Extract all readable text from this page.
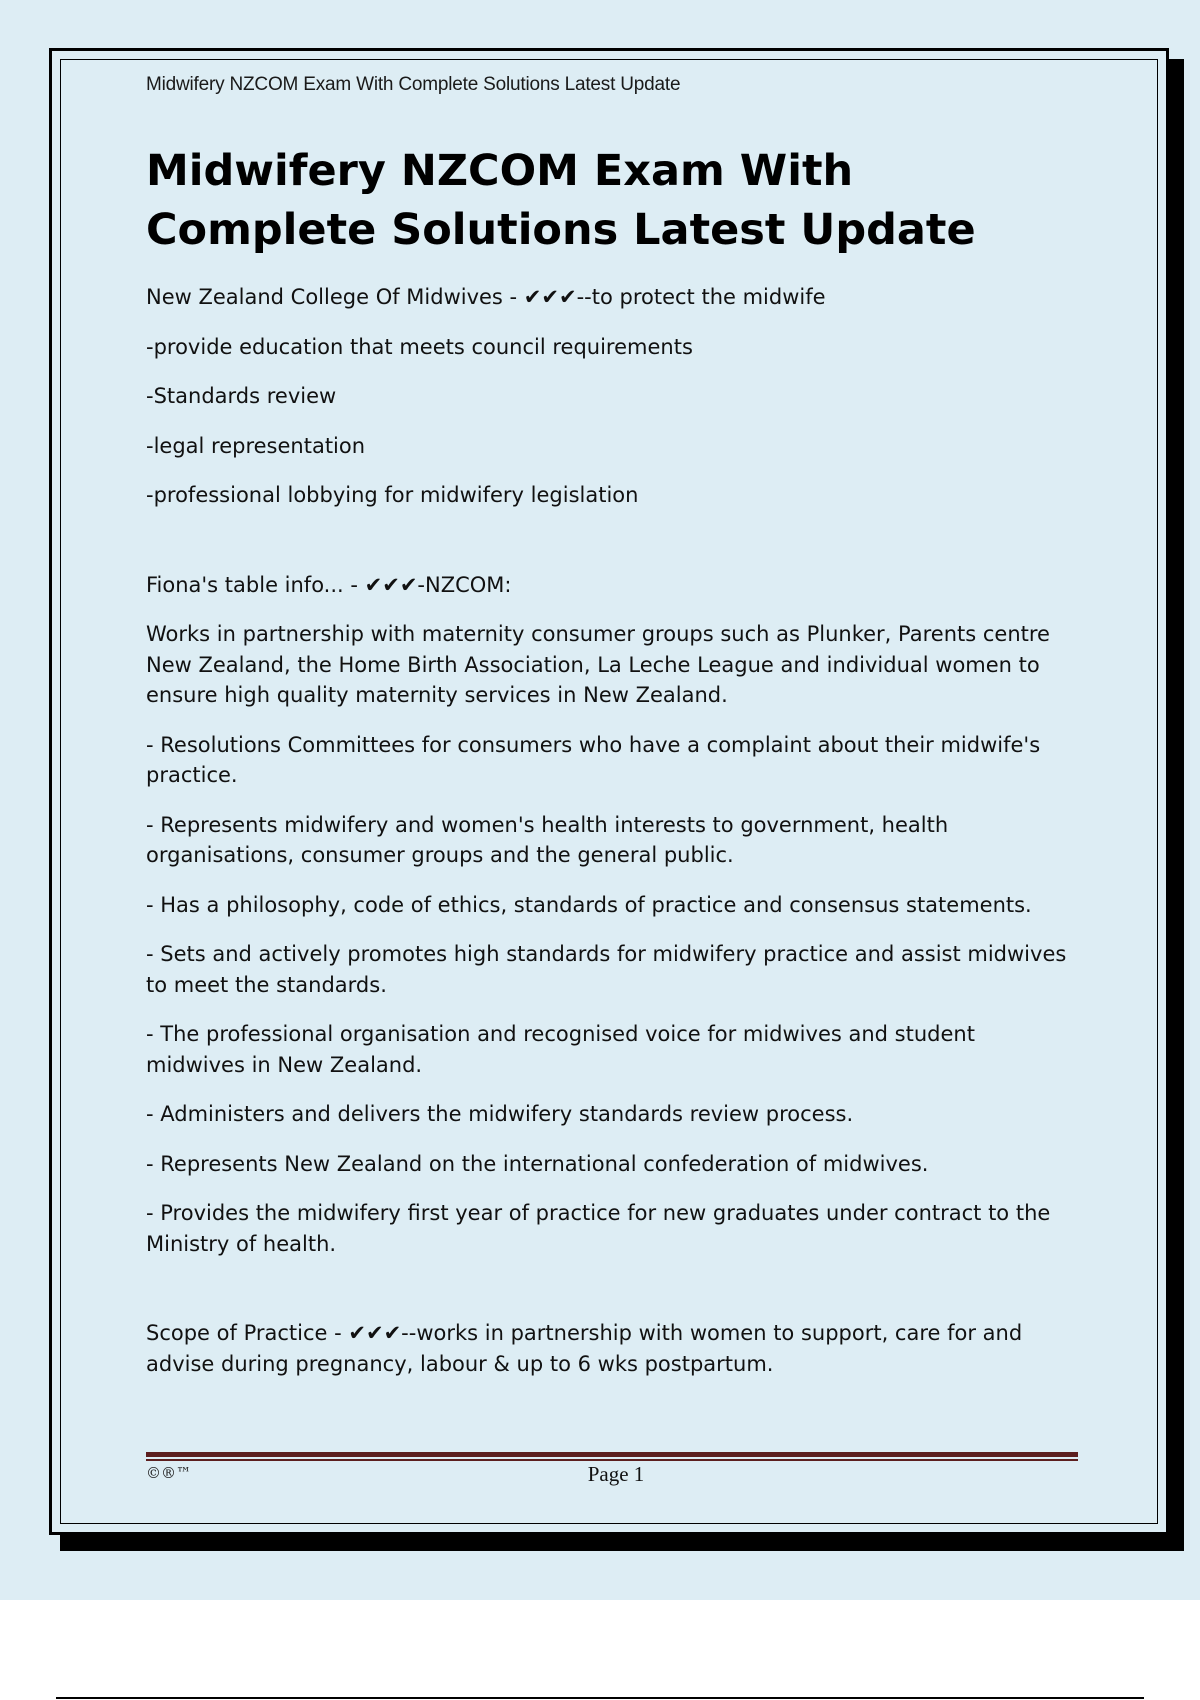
Midwifery NZCOM Exam With Complete Solutions Latest Update
Midwifery NZCOM Exam With
Complete Solutions Latest Update

New Zealand College Of Midwives - ✔✔✔--to protect the midwife

-provide education that meets council requirements

-Standards review

-legal representation

-professional lobbying for midwifery legislation

Fiona's table info... - ✔✔✔-NZCOM:

Works in partnership with maternity consumer groups such as Plunker, Parents centre New Zealand, the Home Birth Association, La Leche League and individual women to ensure high quality maternity services in New Zealand.

- Resolutions Committees for consumers who have a complaint about their midwife's practice.

- Represents midwifery and women's health interests to government, health organisations, consumer groups and the general public.

- Has a philosophy, code of ethics, standards of practice and consensus statements.

- Sets and actively promotes high standards for midwifery practice and assist midwives to meet the standards.

- The professional organisation and recognised voice for midwives and student midwives in New Zealand.

- Administers and delivers the midwifery standards review process.

- Represents New Zealand on the international confederation of midwives.

- Provides the midwifery first year of practice for new graduates under contract to the Ministry of health.

Scope of Practice - ✔✔✔--works in partnership with women to support, care for and advise during pregnancy, labour & up to 6 wks postpartum.

©®™	Page 1
